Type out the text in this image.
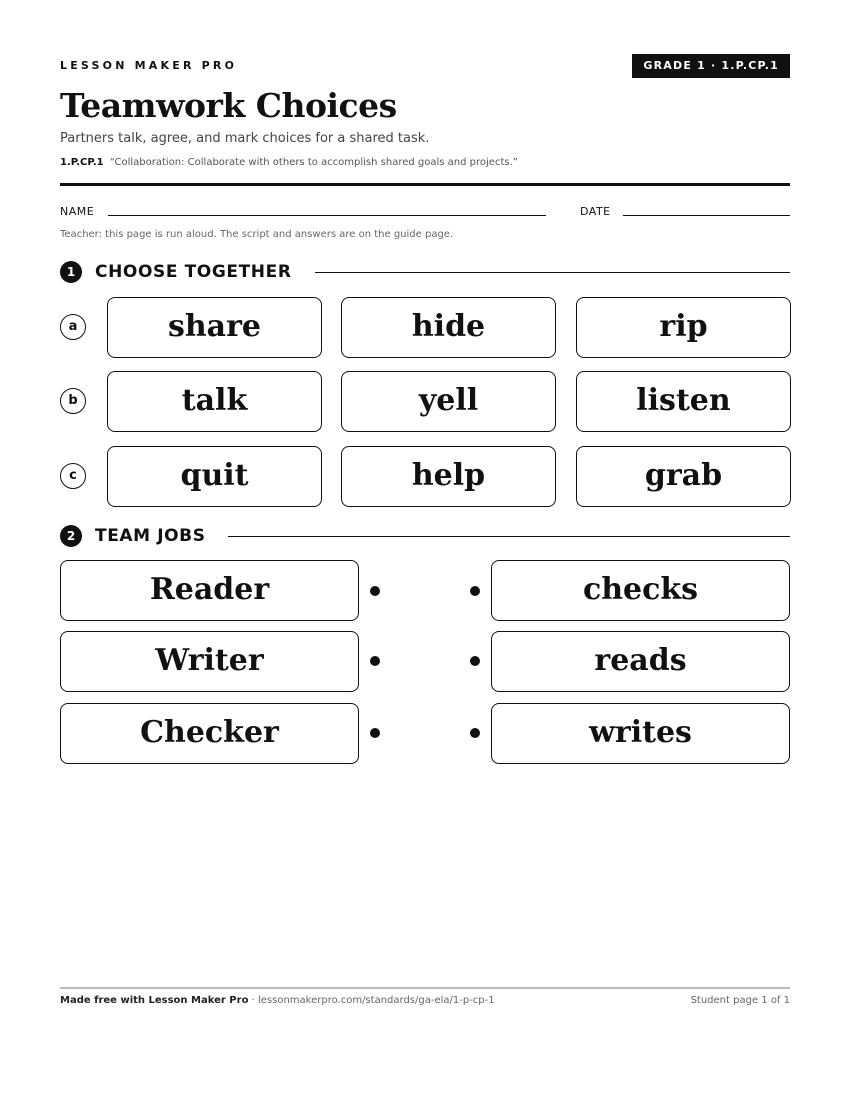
LESSON MAKER PRO	GRADE 1 · 1.P.CP.1
Teamwork Choices
Partners talk, agree, and mark choices for a shared task.
1.P.CP.1 “Collaboration: Collaborate with others to accomplish shared goals and projects.”
NAME	DATE
Teacher: this page is run aloud. The script and answers are on the guide page.
1	CHOOSE TOGETHER
a	share	hide	rip
b	talk	yell	listen
c	quit	help	grab
2	TEAM JOBS
Reader	checks
Writer	reads
Checker	writes
Made free with Lesson Maker Pro · lessonmakerpro.com/standards/ga-ela/1-p-cp-1	Student page 1 of 1
